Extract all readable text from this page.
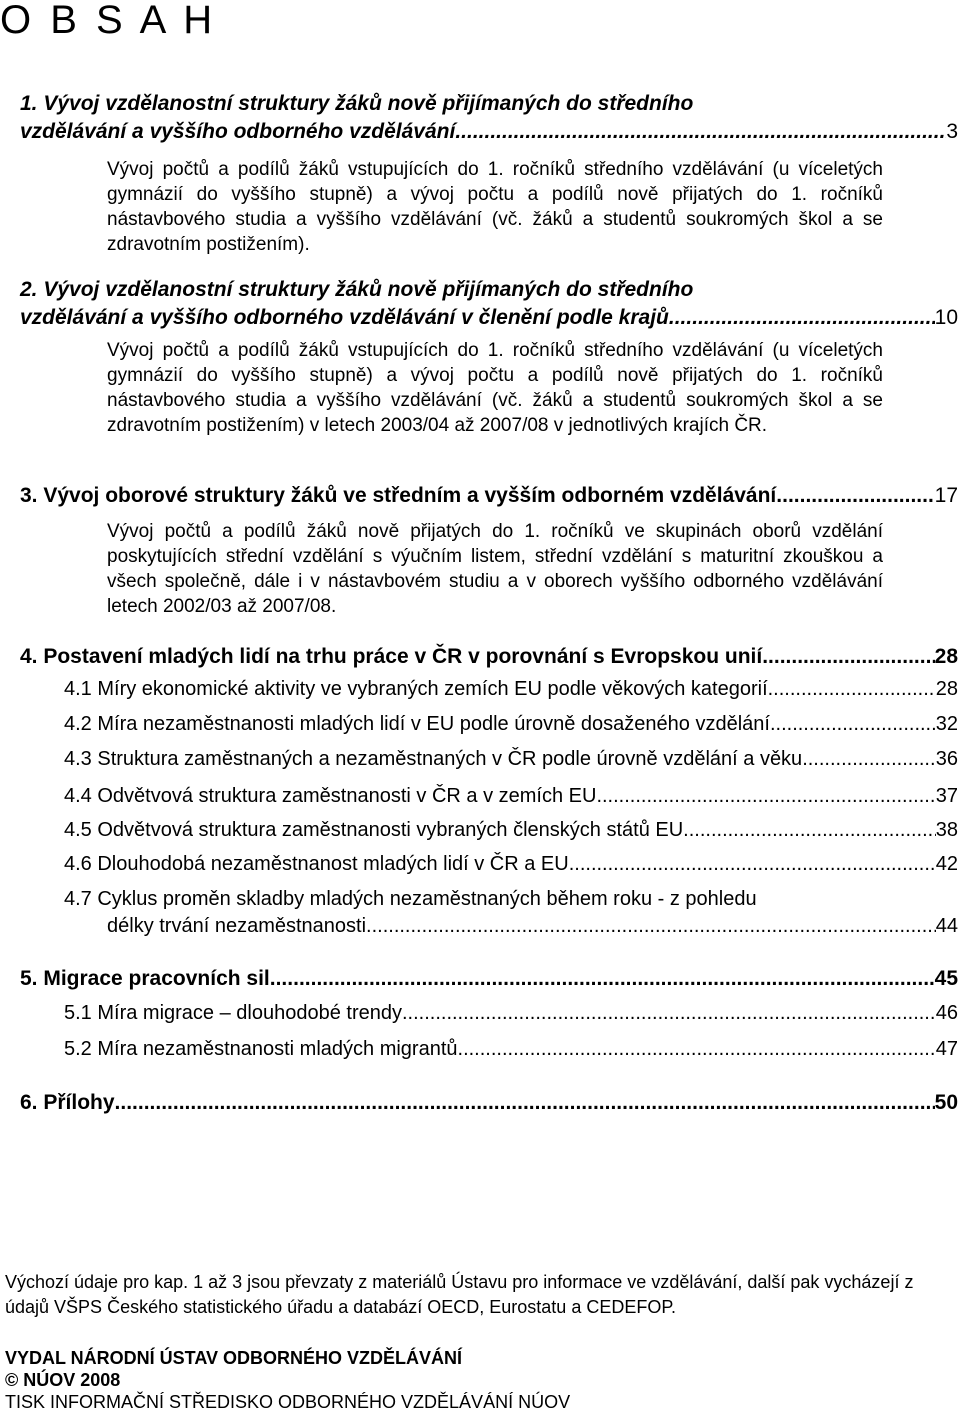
O B S A H
1. Vývoj vzdělanostní struktury žáků nově přijímaných do středního
vzdělávání a vyššího odborného vzdělávání .....	3
Vývoj počtů a podílů žáků vstupujících do 1. ročníků středního vzdělávání (u víceletých gymnázií do vyššího stupně) a vývoj počtu a podílů nově přijatých do 1. ročníků nástavbového studia a vyššího vzdělávání (vč. žáků a studentů soukromých škol a se zdravotním postižením).
2. Vývoj vzdělanostní struktury žáků nově přijímaných do středního
vzdělávání a vyššího odborného vzdělávání v členění podle krajů .....	10
Vývoj počtů a podílů žáků vstupujících do 1. ročníků středního vzdělávání (u víceletých gymnázií do vyššího stupně) a vývoj počtu a podílů nově přijatých do 1. ročníků nástavbového studia a vyššího vzdělávání (vč. žáků a studentů soukromých škol a se zdravotním postižením) v letech 2003/04 až 2007/08 v jednotlivých krajích ČR.
3. Vývoj oborové struktury žáků ve středním a vyšším odborném vzdělávání .....	17
Vývoj počtů a podílů žáků nově přijatých do 1. ročníků ve skupinách oborů vzdělání poskytujících střední vzdělání s výučním listem, střední vzdělání s maturitní zkouškou a všech společně, dále i v nástavbovém studiu a v oborech vyššího odborného vzdělávání letech 2002/03 až 2007/08.
4. Postavení mladých lidí na trhu práce v ČR v porovnání s Evropskou unií .....	28
4.1 Míry ekonomické aktivity ve vybraných zemích EU podle věkových kategorií .....	28
4.2 Míra nezaměstnanosti mladých lidí v EU podle úrovně dosaženého vzdělání .....	32
4.3 Struktura zaměstnaných a nezaměstnaných v ČR podle úrovně vzdělání a věku .....	36
4.4 Odvětvová struktura zaměstnanosti v ČR a v zemích EU .....	37
4.5 Odvětvová struktura zaměstnanosti vybraných členských států EU .....	38
4.6 Dlouhodobá nezaměstnanost mladých lidí v ČR a EU .....	42
4.7 Cyklus proměn skladby mladých nezaměstnaných během roku - z pohledu
délky trvání nezaměstnanosti .....	44
5. Migrace pracovních sil .....	45
5.1 Míra migrace – dlouhodobé trendy .....	46
5.2 Míra nezaměstnanosti mladých migrantů .....	47
6. Přílohy .....	50
Výchozí údaje pro kap. 1 až 3 jsou převzaty z materiálů Ústavu pro informace ve vzdělávání, další pak vycházejí z údajů VŠPS Českého statistického úřadu a databází OECD, Eurostatu a CEDEFOP.
VYDAL NÁRODNÍ ÚSTAV ODBORNÉHO VZDĚLÁVÁNÍ
© NÚOV 2008
TISK INFORMAČNÍ STŘEDISKO ODBORNÉHO VZDĚLÁVÁNÍ NÚOV
